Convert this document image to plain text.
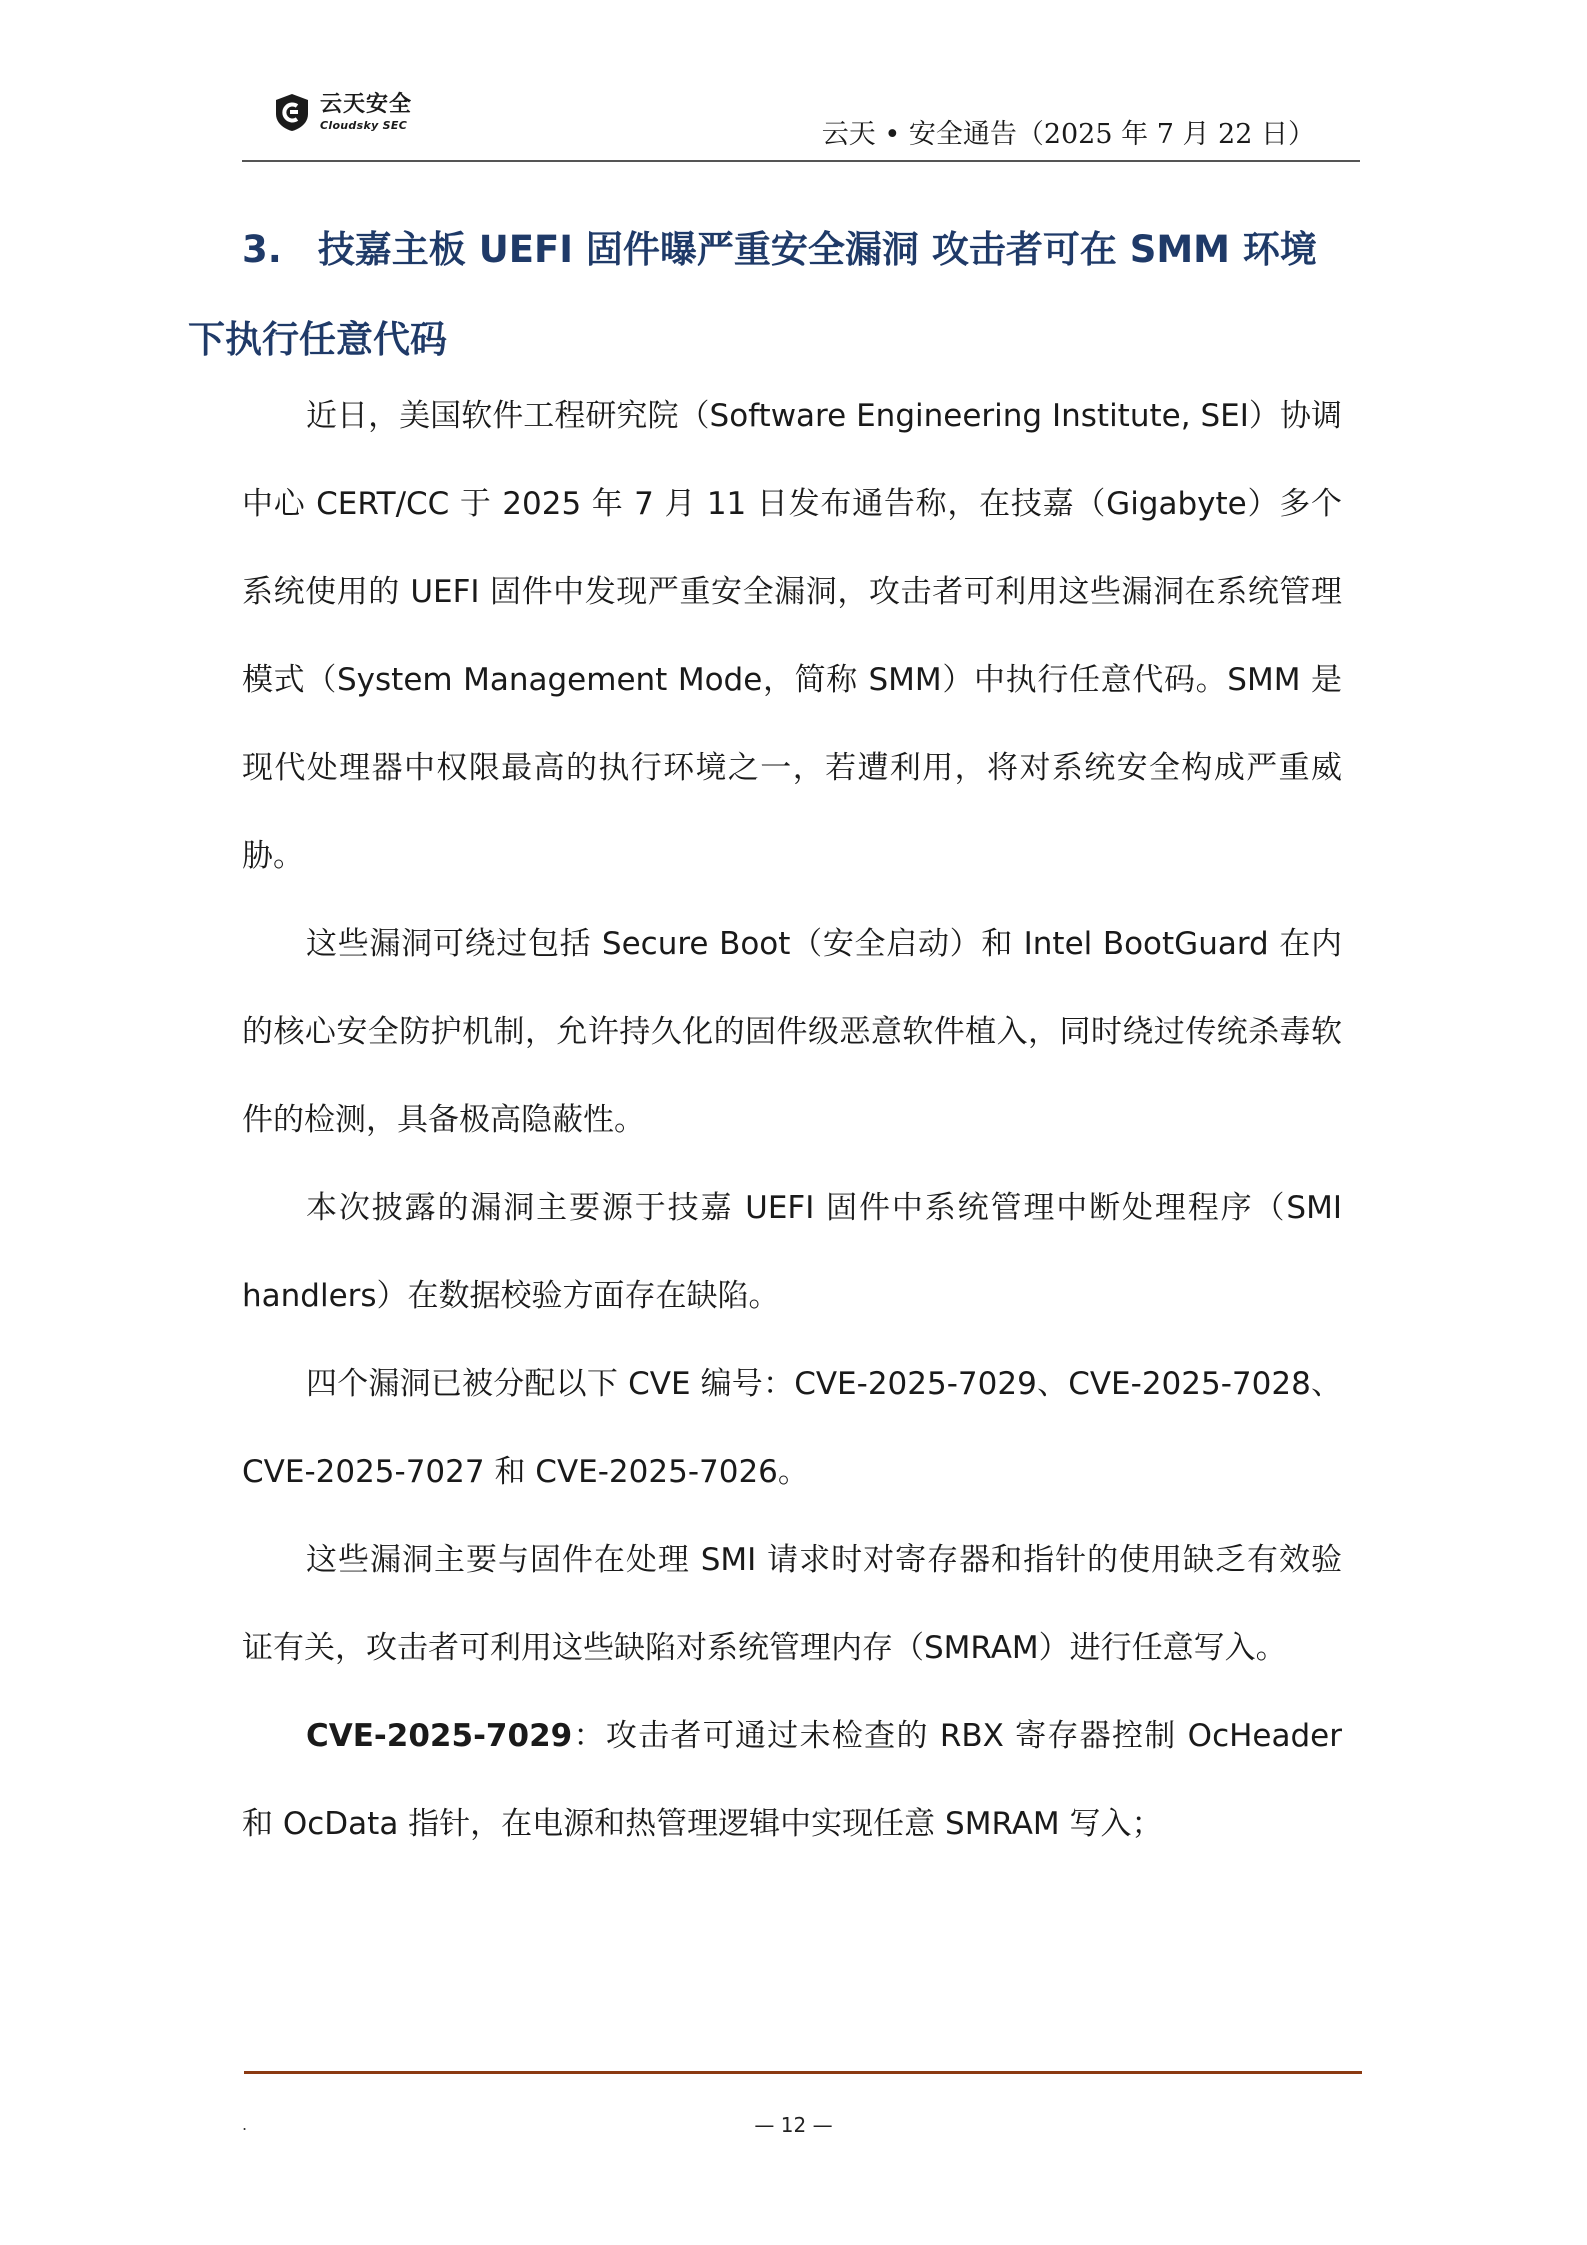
云天安全
Cloudsky SEC	云天 • 安全通告（2025 年 7 月 22 日）
3. 技嘉主板 UEFI 固件曝严重安全漏洞 攻击者可在 SMM 环境下执行任意代码

近日，美国软件工程研究院（Software Engineering Institute, SEI）协调中心 CERT/CC 于 2025 年 7 月 11 日发布通告称，在技嘉（Gigabyte）多个系统使用的 UEFI 固件中发现严重安全漏洞，攻击者可利用这些漏洞在系统管理模式（System Management Mode，简称 SMM）中执行任意代码。SMM 是现代处理器中权限最高的执行环境之一，若遭利用，将对系统安全构成严重威胁。

这些漏洞可绕过包括 Secure Boot（安全启动）和 Intel BootGuard 在内的核心安全防护机制，允许持久化的固件级恶意软件植入，同时绕过传统杀毒软件的检测，具备极高隐蔽性。

本次披露的漏洞主要源于技嘉 UEFI 固件中系统管理中断处理程序（SMI handlers）在数据校验方面存在缺陷。

四个漏洞已被分配以下 CVE 编号：CVE-2025-7029、CVE-2025-7028、CVE-2025-7027 和 CVE-2025-7026。

这些漏洞主要与固件在处理 SMI 请求时对寄存器和指针的使用缺乏有效验证有关，攻击者可利用这些缺陷对系统管理内存（SMRAM）进行任意写入。

CVE-2025-7029：攻击者可通过未检查的 RBX 寄存器控制 OcHeader 和 OcData 指针，在电源和热管理逻辑中实现任意 SMRAM 写入；

.	— 12 —
